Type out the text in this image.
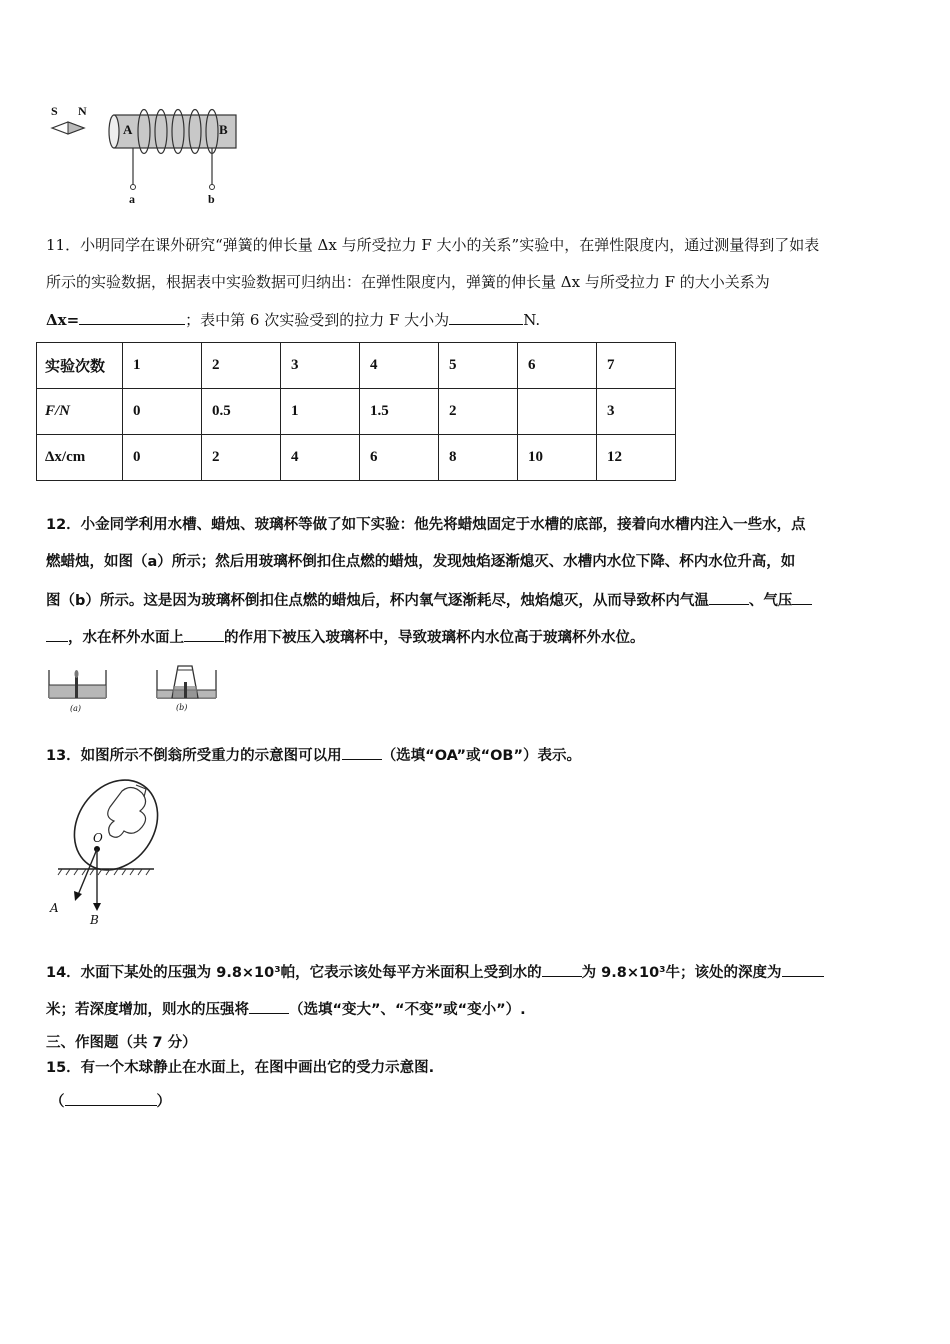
S N
A	B
a	b
11．小明同学在课外研究“弹簧的伸长量 Δx 与所受拉力 F 大小的关系”实验中，在弹性限度内，通过测量得到了如表
所示的实验数据，根据表中实验数据可归纳出：在弹性限度内，弹簧的伸长量 Δx 与所受拉力 F 的大小关系为
Δx=	；表中第 6 次实验受到的拉力 F 大小为	N.
实验次数	1	2	3	4	5	6	7
F/N	0	0.5	1	1.5	2		3
Δx/cm	0	2	4	6	8	10	12
12．小金同学利用水槽、蜡烛、玻璃杯等做了如下实验：他先将蜡烛固定于水槽的底部，接着向水槽内注入一些水，点
燃蜡烛，如图（a）所示；然后用玻璃杯倒扣住点燃的蜡烛，发现烛焰逐渐熄灭、水槽内水位下降、杯内水位升高，如
图（b）所示。这是因为玻璃杯倒扣住点燃的蜡烛后，杯内氧气逐渐耗尽，烛焰熄灭，从而导致杯内气温	、气压
，水在杯外水面上	的作用下被压入玻璃杯中，导致玻璃杯内水位高于玻璃杯外水位。
(a)	(b)
13．如图所示不倒翁所受重力的示意图可以用	（选填“OA”或“OB”）表示。
O
A
B
14．水面下某处的压强为 9.8×10³帕，它表示该处每平方米面积上受到水的	为 9.8×10³牛；该处的深度为
米；若深度增加，则水的压强将	（选填“变大”、“不变”或“变小”）.
三、作图题（共 7 分）
15．有一个木球静止在水面上，在图中画出它的受力示意图.
（	）
